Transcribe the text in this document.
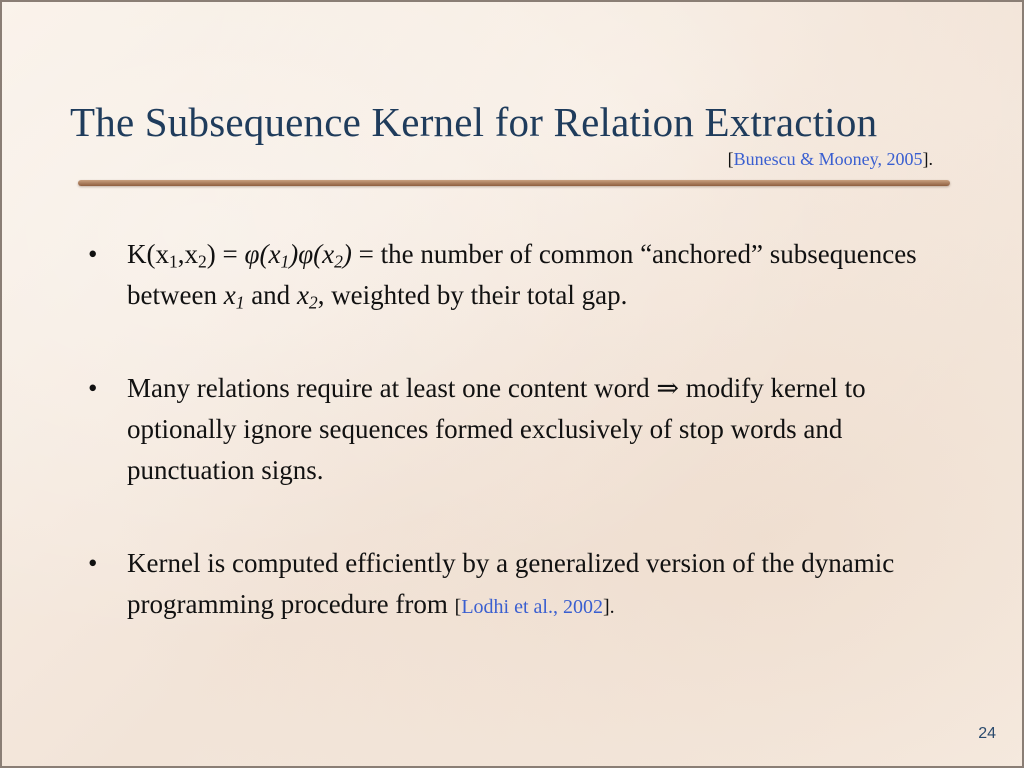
The Subsequence Kernel for Relation Extraction
[Bunescu & Mooney, 2005].
•	$K(x_1,x_2) = \varphi(x_1)\varphi(x_2)$ = the number of common “anchored” subsequences between $x_1$ and $x_2$, weighted by their total gap.
•	Many relations require at least one content word ⇒ modify kernel to optionally ignore sequences formed exclusively of stop words and punctuation signs.
•	Kernel is computed efficiently by a generalized version of the dynamic programming procedure from [Lodhi et al., 2002].
24
